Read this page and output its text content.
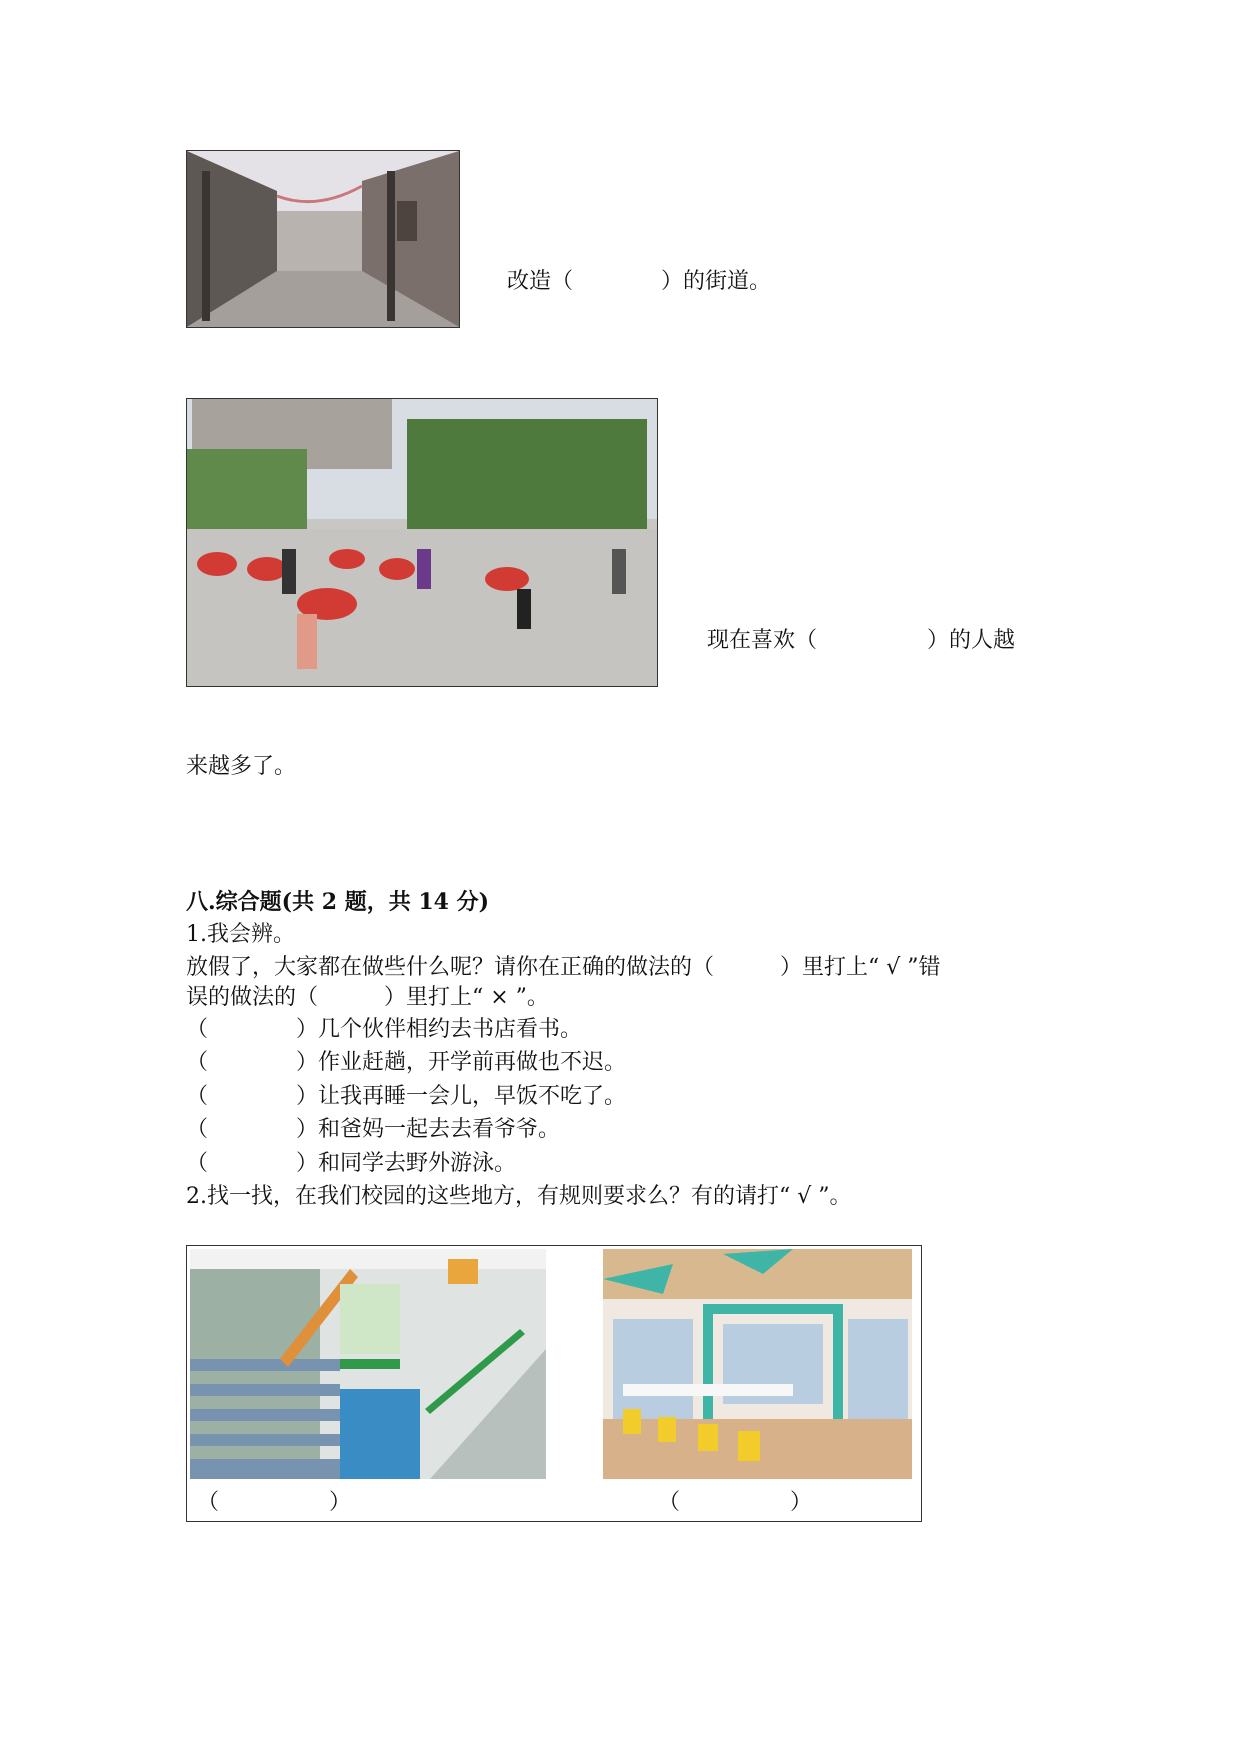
改造（　　　　）的街道。
现在喜欢（　　　　　）的人越
来越多了。
八.综合题(共 2 题，共 14 分)
1.我会辨。
放假了，大家都在做些什么呢？请你在正确的做法的（　　　）里打上“ √ ”错
误的做法的（　　　）里打上“ × ”。
（　　　　）几个伙伴相约去书店看书。
（　　　　）作业赶趟，开学前再做也不迟。
（　　　　）让我再睡一会儿，早饭不吃了。
（　　　　）和爸妈一起去去看爷爷。
（　　　　）和同学去野外游泳。
2.找一找，在我们校园的这些地方，有规则要求么？有的请打“ √ ”。
（　　　　　）	（　　　　　）
